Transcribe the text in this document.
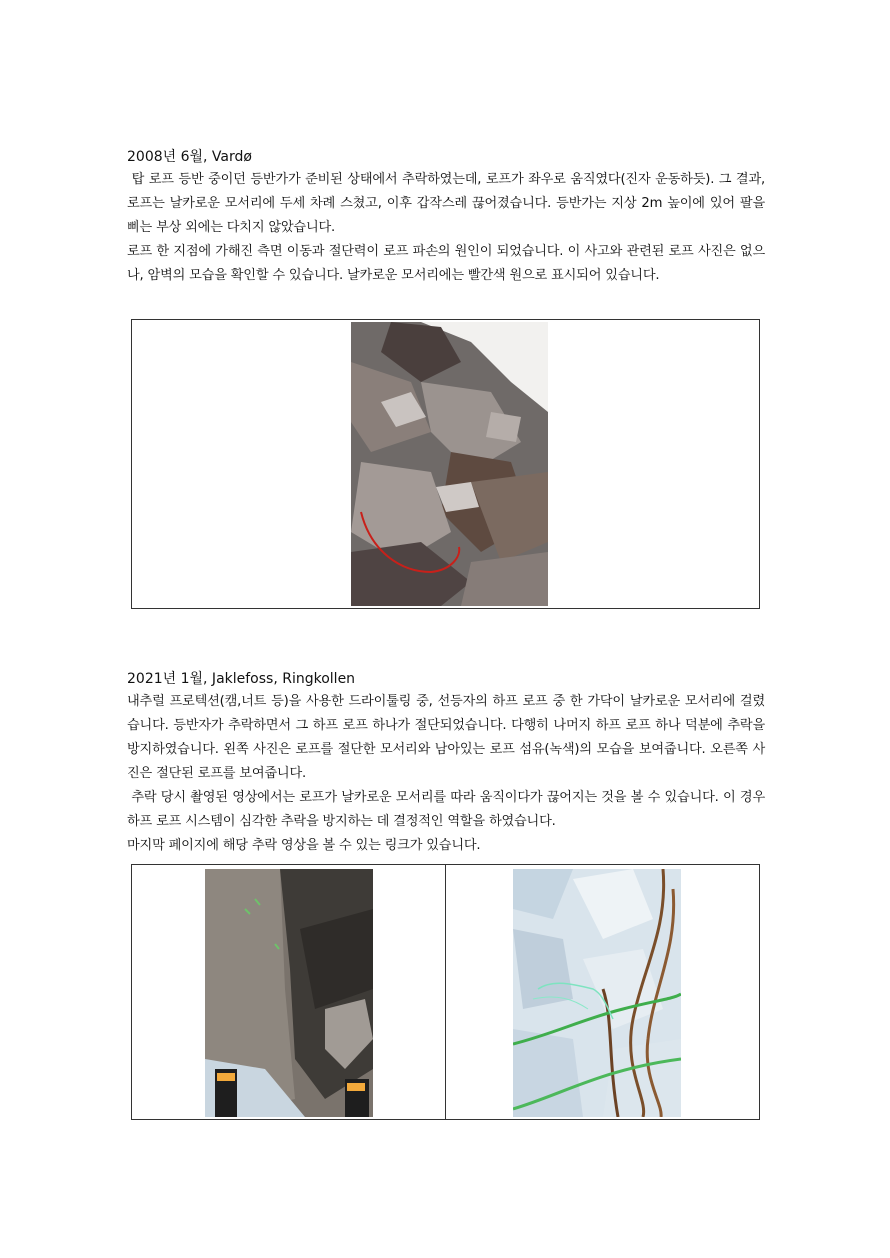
2008년 6월, Vardø

탑 로프 등반 중이던 등반가가 준비된 상태에서 추락하였는데, 로프가 좌우로 움직였다(진자 운동하듯). 그 결과, 로프는 날카로운 모서리에 두세 차례 스쳤고, 이후 갑작스레 끊어졌습니다. 등반가는 지상 2m 높이에 있어 팔을 삐는 부상 외에는 다치지 않았습니다.

로프 한 지점에 가해진 측면 이동과 절단력이 로프 파손의 원인이 되었습니다. 이 사고와 관련된 로프 사진은 없으나, 암벽의 모습을 확인할 수 있습니다. 날카로운 모서리에는 빨간색 원으로 표시되어 있습니다.

2021년 1월, Jaklefoss, Ringkollen

내추럴 프로텍션(캠,너트 등)을 사용한 드라이툴링 중, 선등자의 하프 로프 중 한 가닥이 날카로운 모서리에 걸렸습니다. 등반자가 추락하면서 그 하프 로프 하나가 절단되었습니다. 다행히 나머지 하프 로프 하나 덕분에 추락을 방지하였습니다. 왼쪽 사진은 로프를 절단한 모서리와 남아있는 로프 섬유(녹색)의 모습을 보여줍니다. 오른쪽 사진은 절단된 로프를 보여줍니다.

추락 당시 촬영된 영상에서는 로프가 날카로운 모서리를 따라 움직이다가 끊어지는 것을 볼 수 있습니다. 이 경우 하프 로프 시스템이 심각한 추락을 방지하는 데 결정적인 역할을 하였습니다.

마지막 페이지에 해당 추락 영상을 볼 수 있는 링크가 있습니다.
